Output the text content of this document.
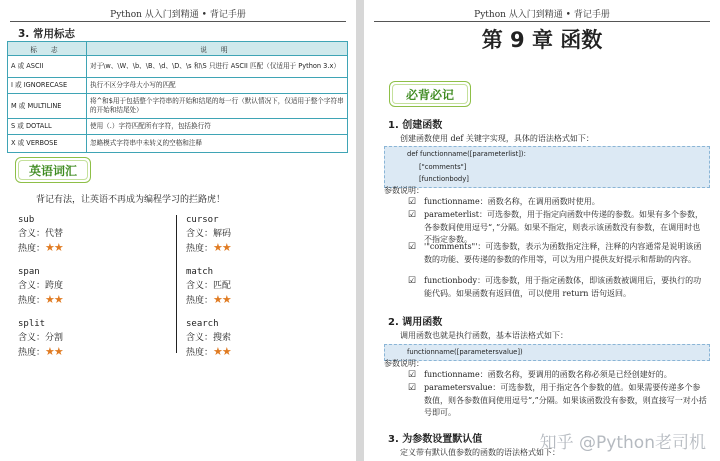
Python 从入门到精通 • 背记手册
3. 常用标志
标 志	说 明
A 或 ASCII	对于\w、\W、\b、\B、\d、\D、\s 和\S 只进行 ASCII 匹配（仅适用于 Python 3.x）
I 或 IGNORECASE	执行不区分字母大小写的匹配
M 或 MULTILINE	将^和$用于包括整个字符串的开始和结尾的每一行（默认情况下，仅适用于整个字符串的开始和结尾处）
S 或 DOTALL	使用（.）字符匹配所有字符，包括换行符
X 或 VERBOSE	忽略模式字符串中未转义的空格和注释
英语词汇
背记有法，让英语不再成为编程学习的拦路虎！
sub
含义：代替
热度：★★
span
含义：跨度
热度：★★
split
含义：分割
热度：★★
cursor
含义：解码
热度：★★
match
含义：匹配
热度：★★
search
含义：搜索
热度：★★
Python 从入门到精通 • 背记手册
第 9 章 函数
必背必记
1. 创建函数
创建函数使用 def 关键字实现，具体的语法格式如下：
def functionname([parameterlist]):
["comments"]
[functionbody]
参数说明：
☑ functionname：函数名称，在调用函数时使用。
☑ parameterlist：可选参数，用于指定向函数中传递的参数。如果有多个参数，各参数间使用逗号“，”分隔。如果不指定，则表示该函数没有参数，在调用时也不指定参数。
☑ '"comments"'：可选参数，表示为函数指定注释，注释的内容通常是说明该函数的功能、要传递的参数的作用等，可以为用户提供友好提示和帮助的内容。
☑ functionbody：可选参数，用于指定函数体，即该函数被调用后，要执行的功能代码。如果函数有返回值，可以使用 return 语句返回。
2. 调用函数
调用函数也就是执行函数，基本语法格式如下：
functionname([parametersvalue])
参数说明：
☑ functionname：函数名称，要调用的函数名称必须是已经创建好的。
☑ parametersvalue：可选参数，用于指定各个参数的值。如果需要传递多个参数值，则各参数值间使用逗号“,”分隔。如果该函数没有参数，则直接写一对小括号即可。
3. 为参数设置默认值
定义带有默认值参数的函数的语法格式如下：
知乎 @Python老司机
